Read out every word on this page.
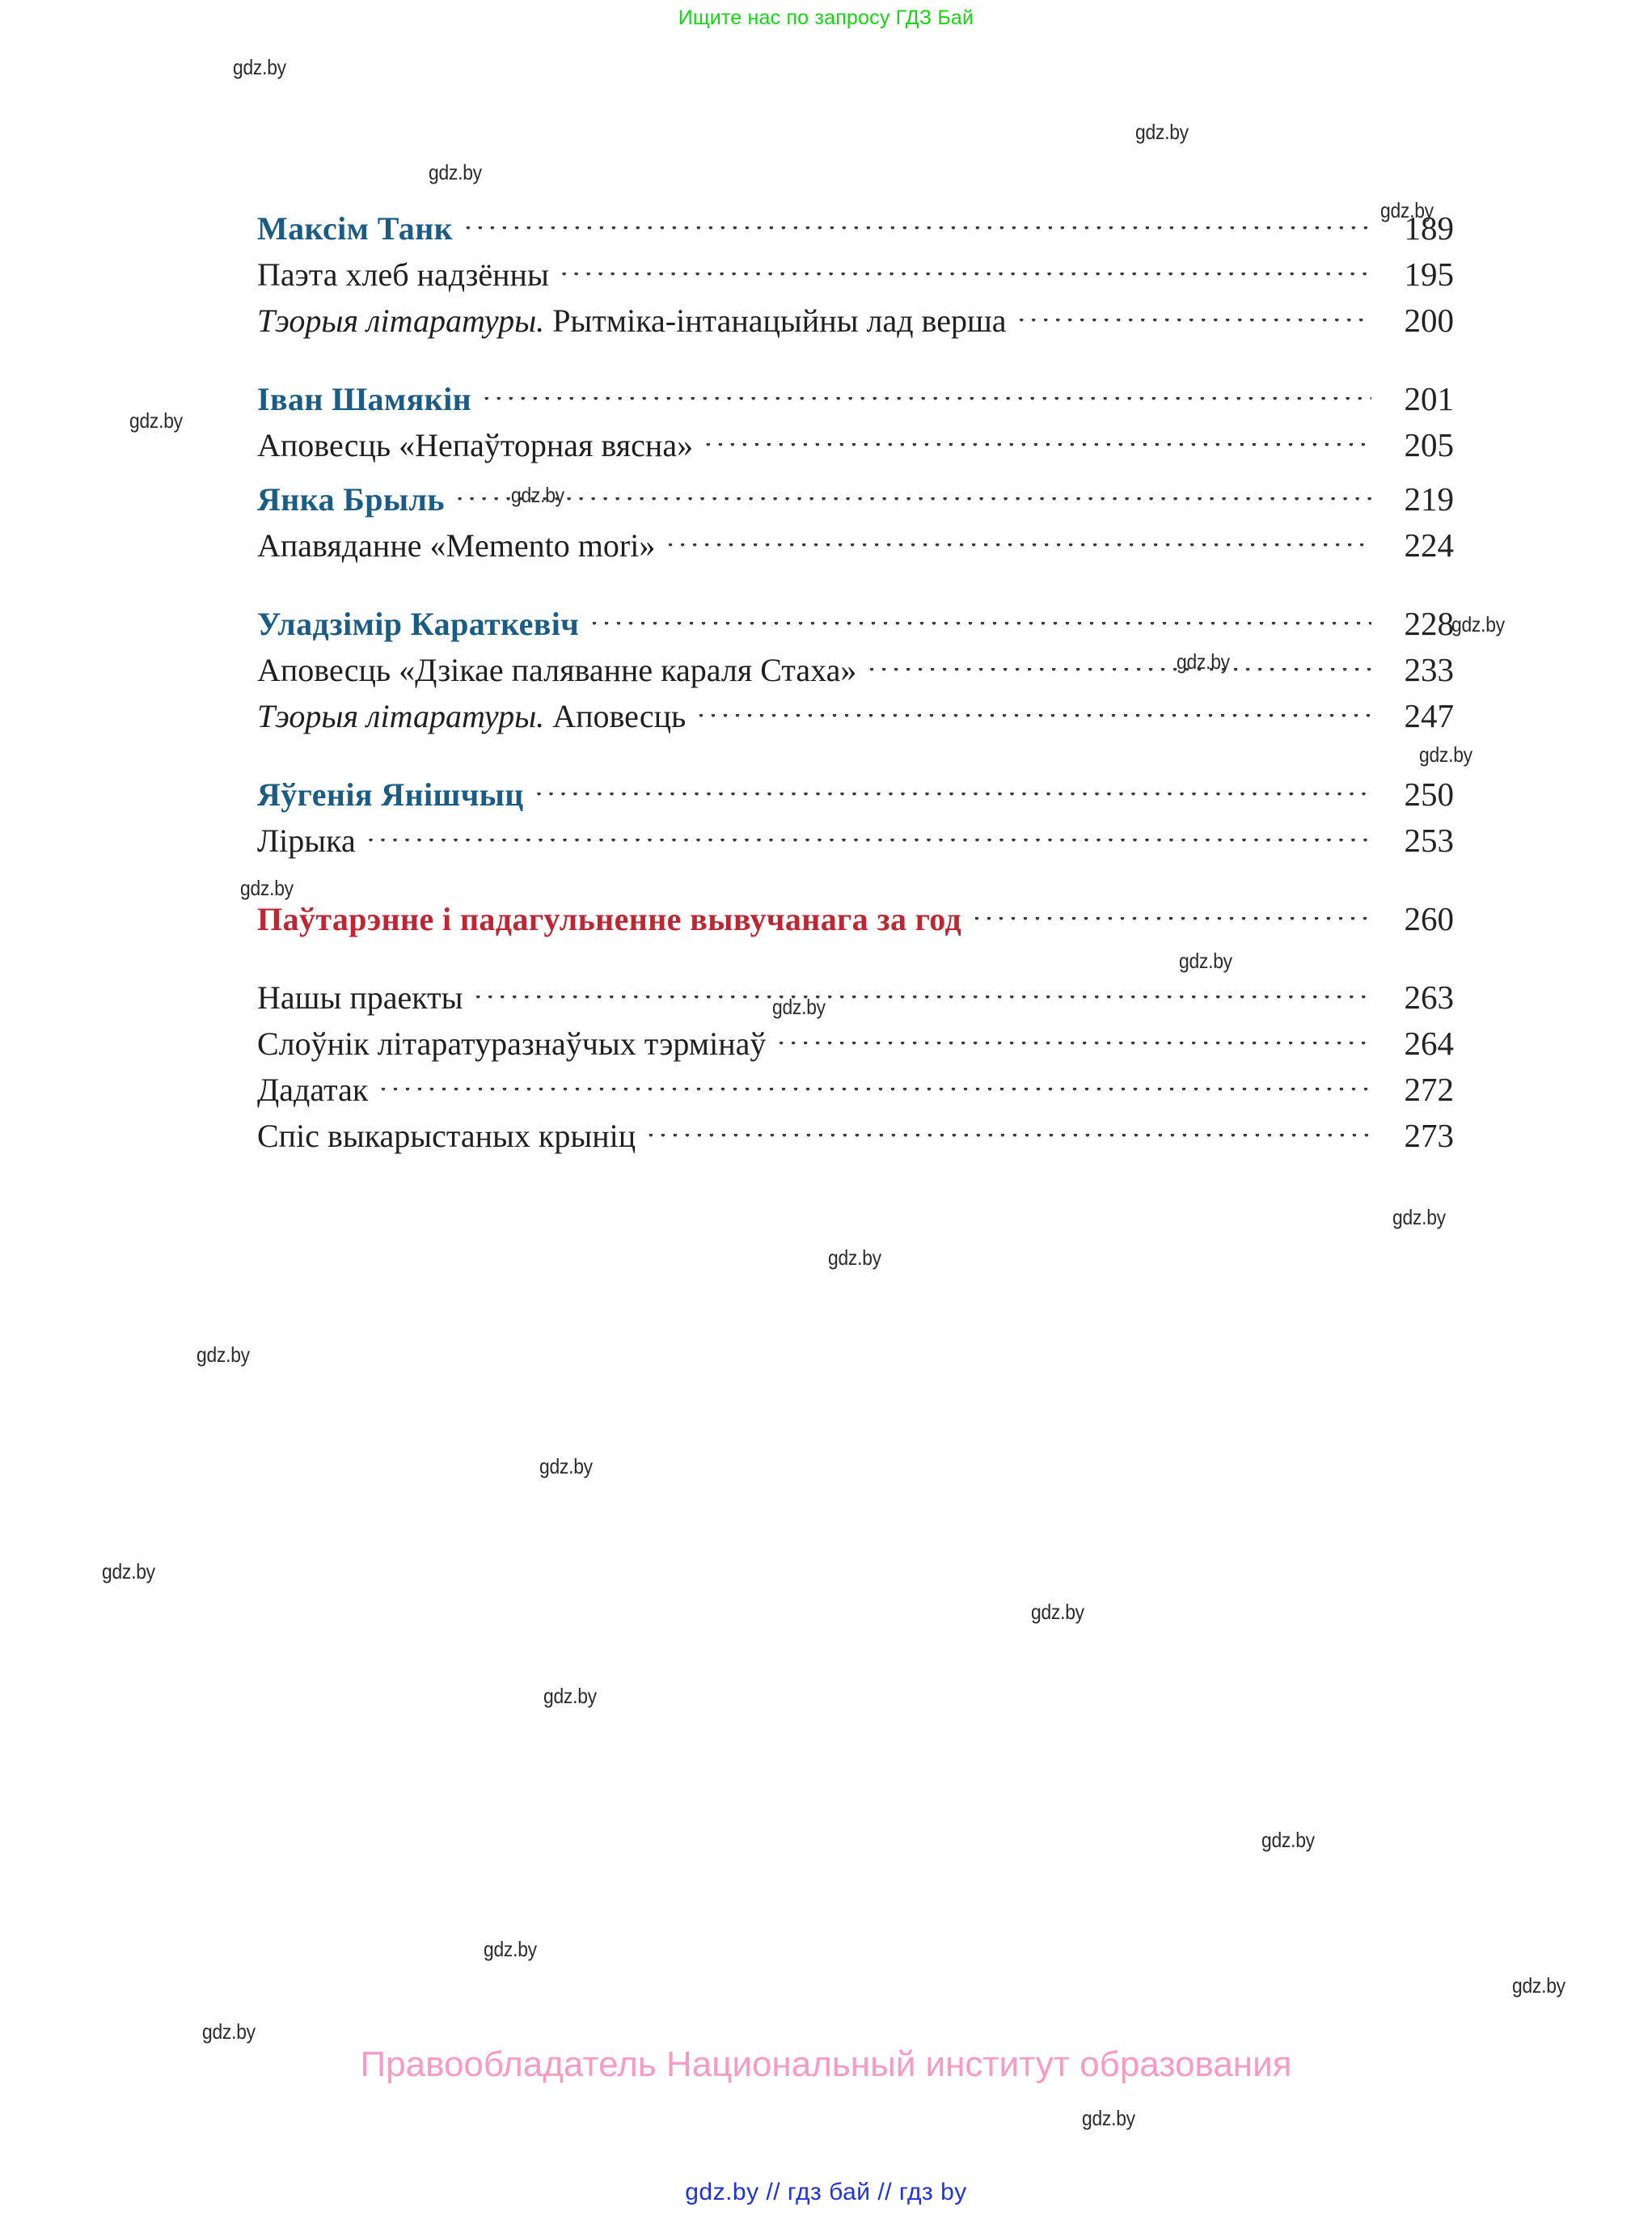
Ищите нас по запросу ГДЗ Бай
Максім Танк .....	189
Паэта хлеб надзённы .....	195
Тэорыя літаратуры. Рытміка-інтанацыйны лад верша .....	200
Іван Шамякін .....	201
Аповесць «Непаўторная вясна» .....	205
Янка Брыль .....	219
Апавяданне «Memento mori» .....	224
Уладзімір Караткевіч .....	228
Аповесць «Дзікае паляванне караля Стаха» .....	233
Тэорыя літаратуры. Аповесць .....	247
Яўгенія Янішчыц .....	250
Лірыка .....	253
Паўтарэнне і падагульненне вывучанага за год .....	260
Нашы праекты .....	263
Слоўнік літаратуразнаўчых тэрмінаў .....	264
Дадатак .....	272
Спіс выкарыстаных крыніц .....	273
gdz.by
gdz.by
gdz.by
gdz.by
gdz.by
gdz.by
gdz.by
gdz.by
gdz.by
gdz.by
gdz.by
gdz.by
gdz.by
gdz.by
gdz.by
gdz.by
gdz.by
gdz.by
gdz.by
gdz.by
gdz.by
gdz.by
gdz.by
gdz.by
Правообладатель Национальный институт образования
gdz.by // гдз бай // гдз by
